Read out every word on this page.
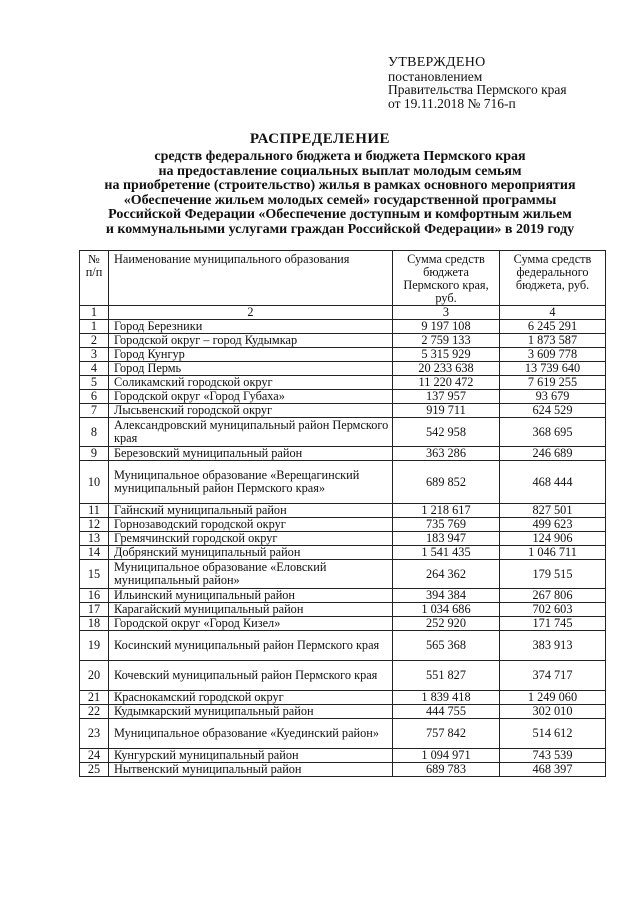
УТВЕРЖДЕНО
постановлением
Правительства Пермского края
от 19.11.2018 № 716-п
РАСПРЕДЕЛЕНИЕ
средств федерального бюджета и бюджета Пермского края
на предоставление социальных выплат молодым семьям
на приобретение (строительство) жилья в рамках основного мероприятия
«Обеспечение жильем молодых семей» государственной программы
Российской Федерации «Обеспечение доступным и комфортным жильем
и коммунальными услугами граждан Российской Федерации» в 2019 году
№ п/п	Наименование муниципального образования	Сумма средств бюджета Пермского края, руб.	Сумма средств федерального бюджета, руб.
1	2	3	4
1	Город Березники	9 197 108	6 245 291
2	Городской округ – город Кудымкар	2 759 133	1 873 587
3	Город Кунгур	5 315 929	3 609 778
4	Город Пермь	20 233 638	13 739 640
5	Соликамский городской округ	11 220 472	7 619 255
6	Городской округ «Город Губаха»	137 957	93 679
7	Лысьвенский городской округ	919 711	624 529
8	Александровский муниципальный район Пермского края	542 958	368 695
9	Березовский муниципальный район	363 286	246 689
10	Муниципальное образование «Верещагинский муниципальный район Пермского края»	689 852	468 444
11	Гайнский муниципальный район	1 218 617	827 501
12	Горнозаводский городской округ	735 769	499 623
13	Гремячинский городской округ	183 947	124 906
14	Добрянский муниципальный район	1 541 435	1 046 711
15	Муниципальное образование «Еловский муниципальный район»	264 362	179 515
16	Ильинский муниципальный район	394 384	267 806
17	Карагайский муниципальный район	1 034 686	702 603
18	Городской округ «Город Кизел»	252 920	171 745
19	Косинский муниципальный район Пермского края	565 368	383 913
20	Кочевский муниципальный район Пермского края	551 827	374 717
21	Краснокамский городской округ	1 839 418	1 249 060
22	Кудымкарский муниципальный район	444 755	302 010
23	Муниципальное образование «Куединский район»	757 842	514 612
24	Кунгурский муниципальный район	1 094 971	743 539
25	Нытвенский муниципальный район	689 783	468 397
